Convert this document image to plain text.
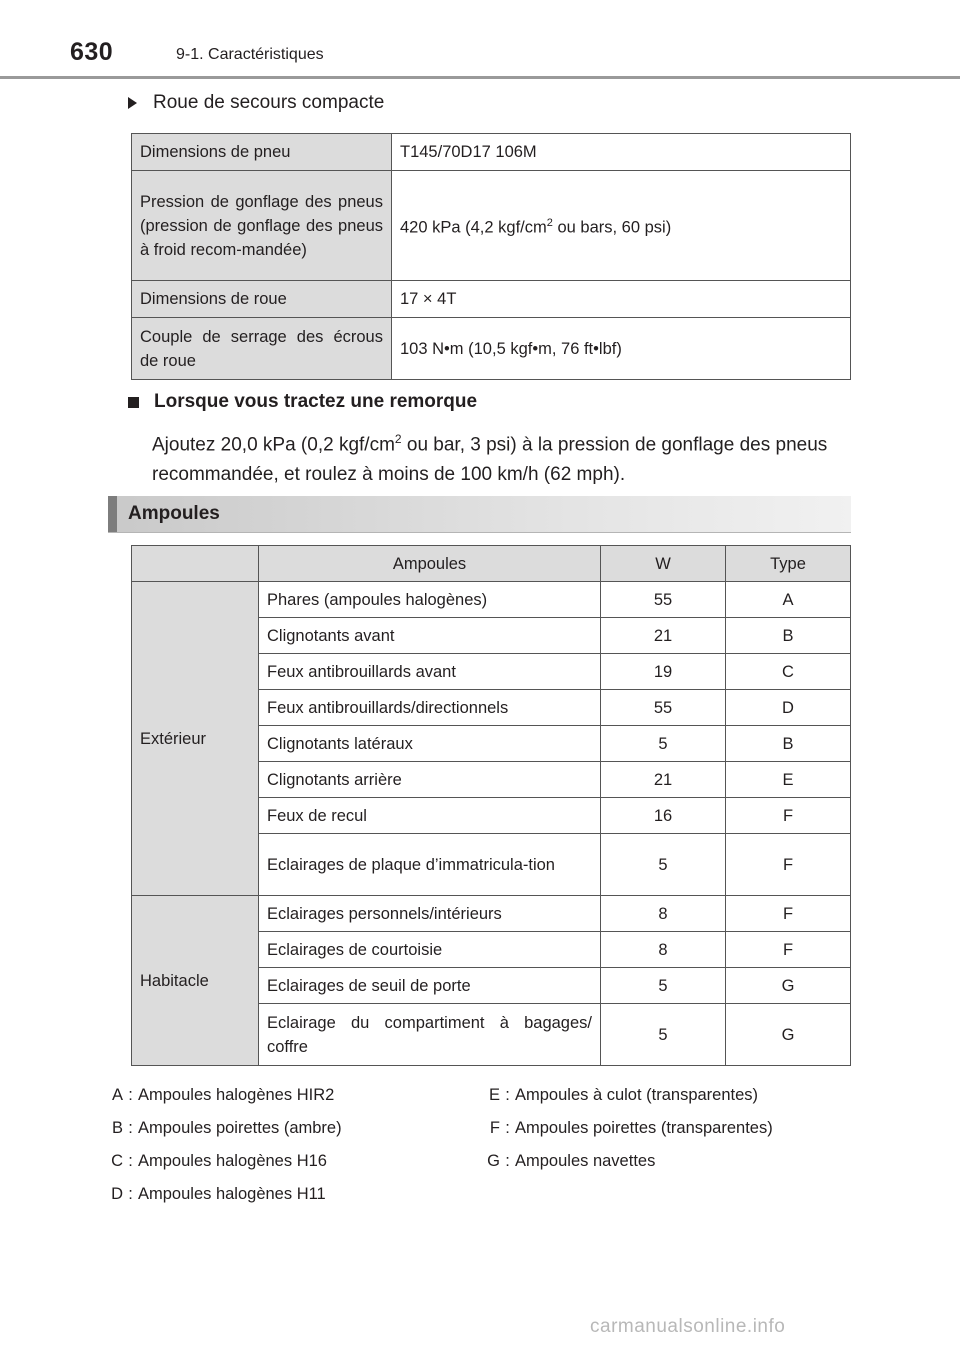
630	9-1. Caractéristiques
Roue de secours compacte
Dimensions de pneu	T145/70D17 106M
Pression de gonflage des pneus (pression de gonflage des pneus à froid recom-mandée)	420 kPa (4,2 kgf/$cm^2$ ou bars, 60 psi)
Dimensions de roue	17 × 4T
Couple de serrage des écrous de roue	103 N•m (10,5 kgf•m, 76 ft•lbf)
Lorsque vous tractez une remorque
Ajoutez 20,0 kPa (0,2 kgf/$cm^2$ ou bar, 3 psi) à la pression de gonflage des pneus recommandée, et roulez à moins de 100 km/h (62 mph).
Ampoules
	Ampoules	W	Type
Extérieur	Phares (ampoules halogènes)	55	A
	Clignotants avant	21	B
	Feux antibrouillards avant	19	C
	Feux antibrouillards/directionnels	55	D
	Clignotants latéraux	5	B
	Clignotants arrière	21	E
	Feux de recul	16	F
	Eclairages de plaque d’immatricula-tion	5	F
Habitacle	Eclairages personnels/intérieurs	8	F
	Eclairages de courtoisie	8	F
	Eclairages de seuil de porte	5	G
	Eclairage du compartiment à bagages/ coffre	5	G
A : Ampoules halogènes HIR2
B : Ampoules poirettes (ambre)
C : Ampoules halogènes H16
D : Ampoules halogènes H11
E : Ampoules à culot (transparentes)
F : Ampoules poirettes (transparentes)
G : Ampoules navettes
carmanualsonline.info
